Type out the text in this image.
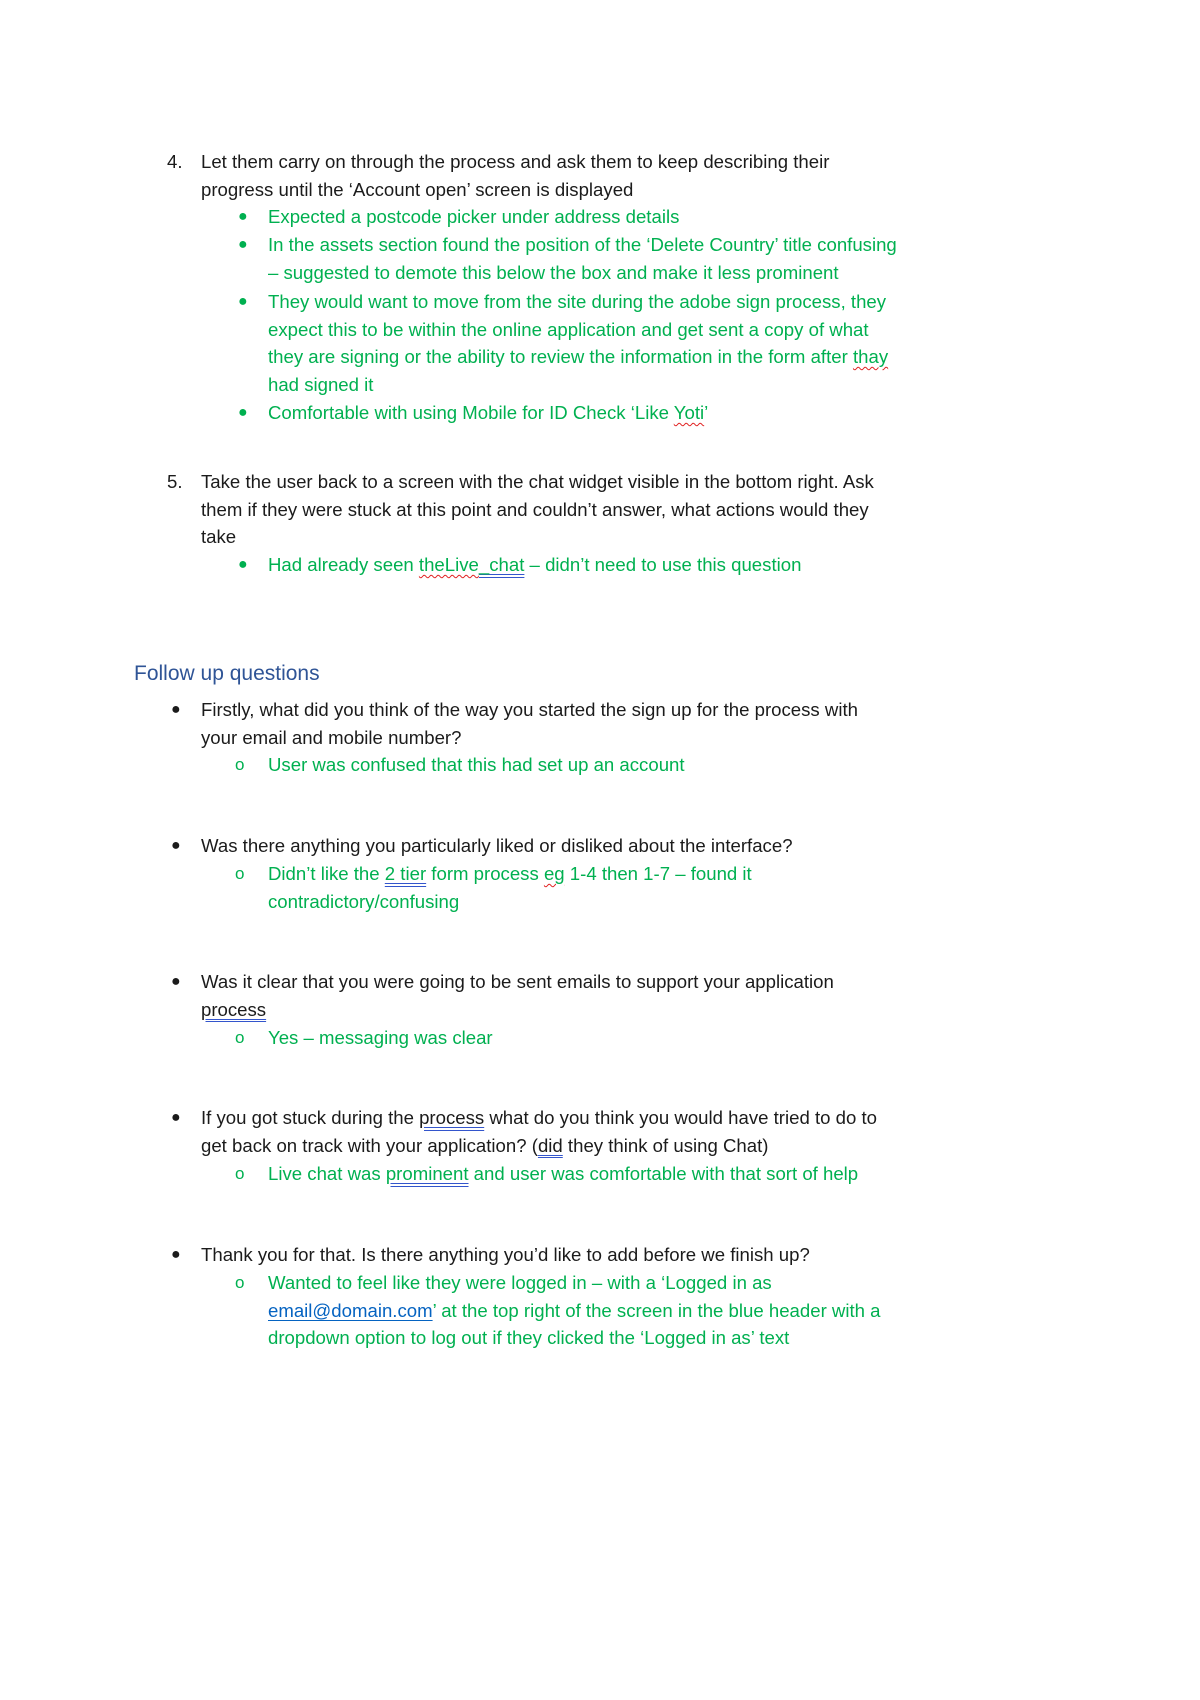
4. Let them carry on through the process and ask them to keep describing their
progress until the ‘Account open’ screen is displayed
● Expected a postcode picker under address details
● In the assets section found the position of the ‘Delete Country’ title confusing
– suggested to demote this below the box and make it less prominent
● They would want to move from the site during the adobe sign process, they
expect this to be within the online application and get sent a copy of what
they are signing or the ability to review the information in the form after thay
had signed it
● Comfortable with using Mobile for ID Check ‘Like Yoti’
5. Take the user back to a screen with the chat widget visible in the bottom right. Ask
them if they were stuck at this point and couldn’t answer, what actions would they
take
● Had already seen theLive_chat – didn’t need to use this question
Follow up questions
● Firstly, what did you think of the way you started the sign up for the process with
your email and mobile number?
o User was confused that this had set up an account
● Was there anything you particularly liked or disliked about the interface?
o Didn’t like the 2 tier form process eg 1-4 then 1-7 – found it
contradictory/confusing
● Was it clear that you were going to be sent emails to support your application
process
o Yes – messaging was clear
● If you got stuck during the process what do you think you would have tried to do to
get back on track with your application? (did they think of using Chat)
o Live chat was prominent and user was comfortable with that sort of help
● Thank you for that. Is there anything you’d like to add before we finish up?
o Wanted to feel like they were logged in – with a ‘Logged in as
email@domain.com’ at the top right of the screen in the blue header with a
dropdown option to log out if they clicked the ‘Logged in as’ text
